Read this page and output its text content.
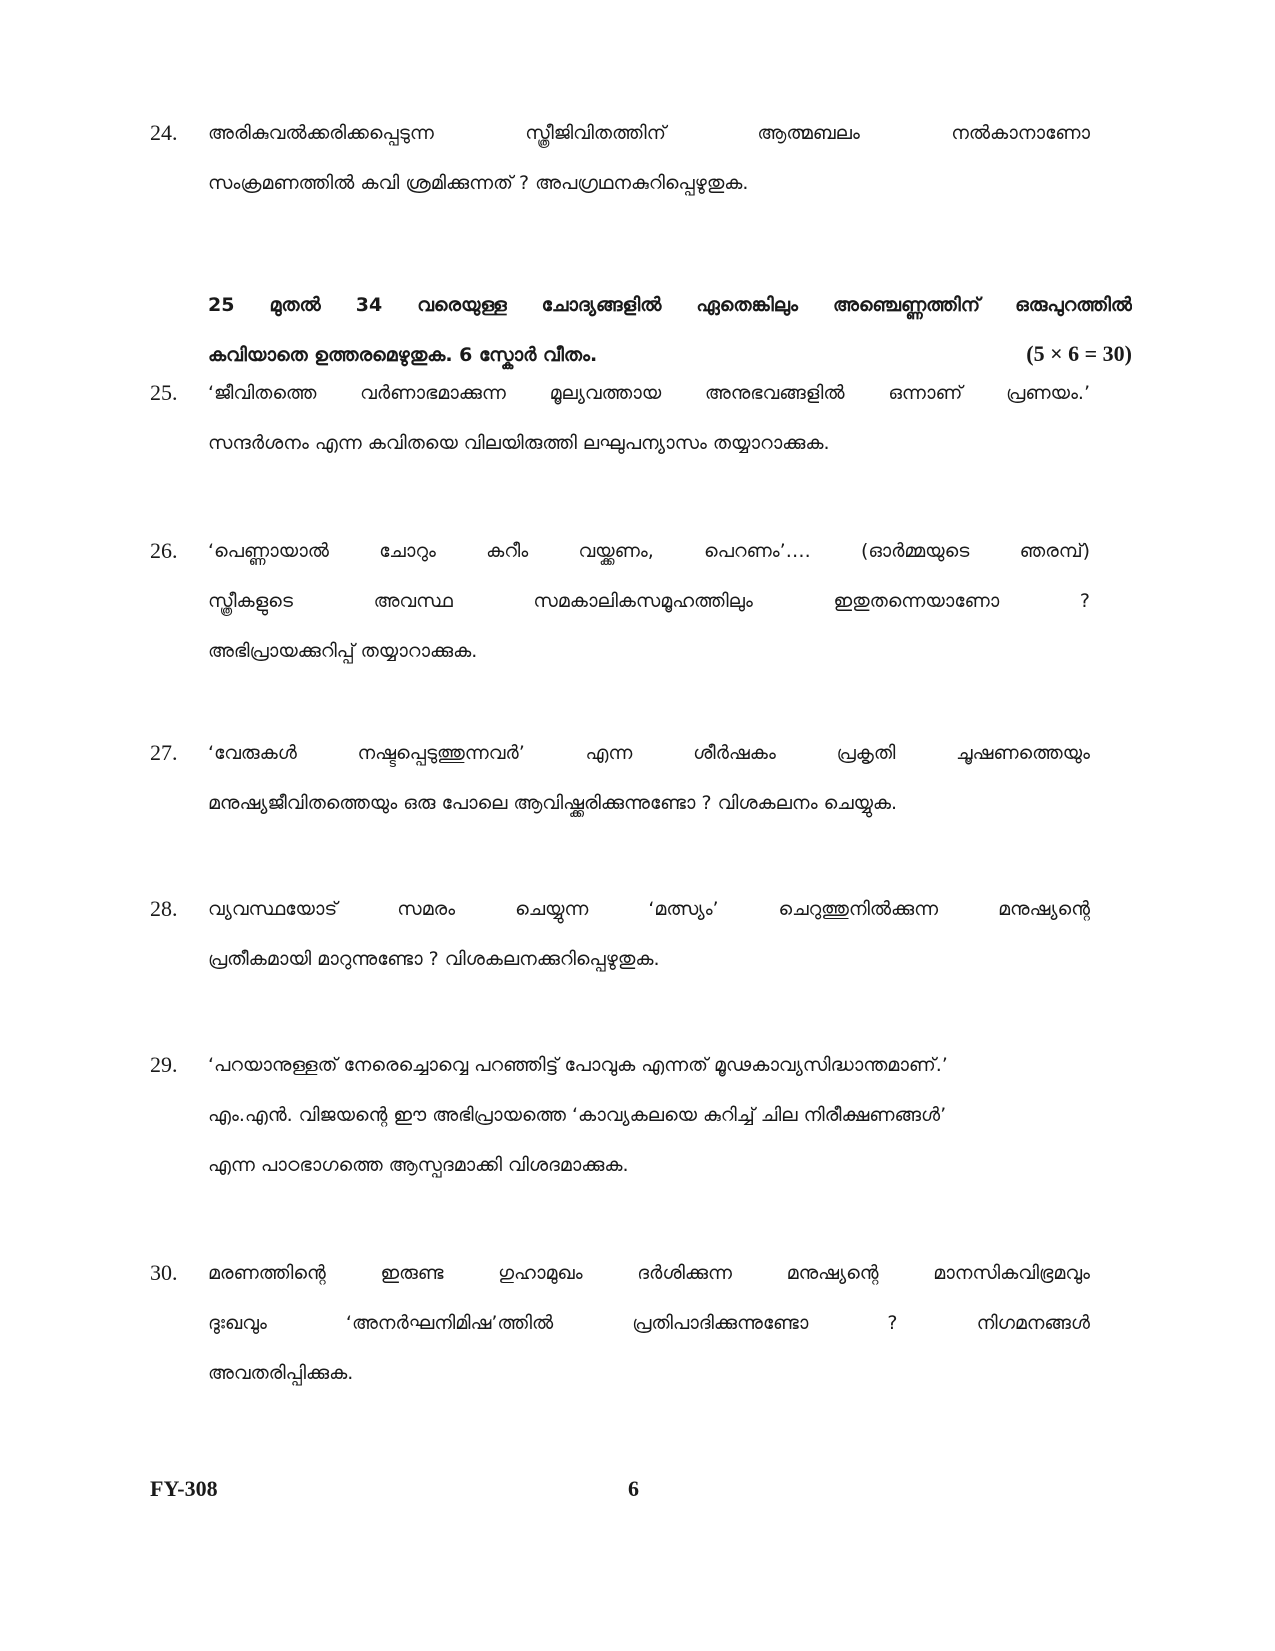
24. അരികുവൽക്കരിക്കപ്പെടുന്ന സ്ത്രീജിവിതത്തിന് ആത്മബലം നൽകാനാണോ
സംക്രമണത്തിൽ കവി ശ്രമിക്കുന്നത് ? അപഗ്രഥനകുറിപ്പെഴുതുക.
25 മുതൽ 34 വരെയുള്ള ചോദ്യങ്ങളിൽ ഏതെങ്കിലും അഞ്ചെണ്ണത്തിന് ഒരുപുറത്തിൽ
കവിയാതെ ഉത്തരമെഴുതുക. 6 സ്കോർ വീതം.	(5 × 6 = 30)
25. ‘ജീവിതത്തെ വർണാഭമാക്കുന്ന മൂല്യവത്തായ അനുഭവങ്ങളിൽ ഒന്നാണ് പ്രണയം.’
സന്ദർശനം എന്ന കവിതയെ വിലയിരുത്തി ലഘുപന്യാസം തയ്യാറാക്കുക.
26. ‘പെണ്ണായാൽ ചോറും കറീം വയ്ക്കണം, പെറണം’…. (ഓർമ്മയുടെ ഞരമ്പ്)
സ്ത്രീകളുടെ അവസ്ഥ സമകാലികസമൂഹത്തിലും ഇതുതന്നെയാണോ ?
അഭിപ്രായക്കുറിപ്പ് തയ്യാറാക്കുക.
27. ‘വേരുകൾ നഷ്ടപ്പെടുത്തുന്നവർ’ എന്ന ശീർഷകം പ്രകൃതി ചൂഷണത്തെയും
മനുഷ്യജീവിതത്തെയും ഒരു പോലെ ആവിഷ്ക്കരിക്കുന്നുണ്ടോ ? വിശകലനം ചെയ്യുക.
28. വ്യവസ്ഥയോട് സമരം ചെയ്യുന്ന ‘മത്സ്യം’ ചെറുത്തുനിൽക്കുന്ന മനുഷ്യന്റെ
പ്രതീകമായി മാറുന്നുണ്ടോ ? വിശകലനക്കുറിപ്പെഴുതുക.
29. ‘പറയാനുള്ളത് നേരെച്ചൊവ്വെ പറഞ്ഞിട്ട് പോവുക എന്നത് മൂഢകാവ്യസിദ്ധാന്തമാണ്.’
എം.എൻ. വിജയന്റെ ഈ അഭിപ്രായത്തെ ‘കാവ്യകലയെ കുറിച്ച് ചില നിരീക്ഷണങ്ങൾ’
എന്ന പാഠഭാഗത്തെ ആസ്പദമാക്കി വിശദമാക്കുക.
30. മരണത്തിന്റെ ഇരുണ്ട ഗുഹാമുഖം ദർശിക്കുന്ന മനുഷ്യന്റെ മാനസികവിഭ്രമവും
ദുഃഖവും ‘അനർഘനിമിഷ’ത്തിൽ പ്രതിപാദിക്കുന്നുണ്ടോ ? നിഗമനങ്ങൾ
അവതരിപ്പിക്കുക.
FY-308	6
